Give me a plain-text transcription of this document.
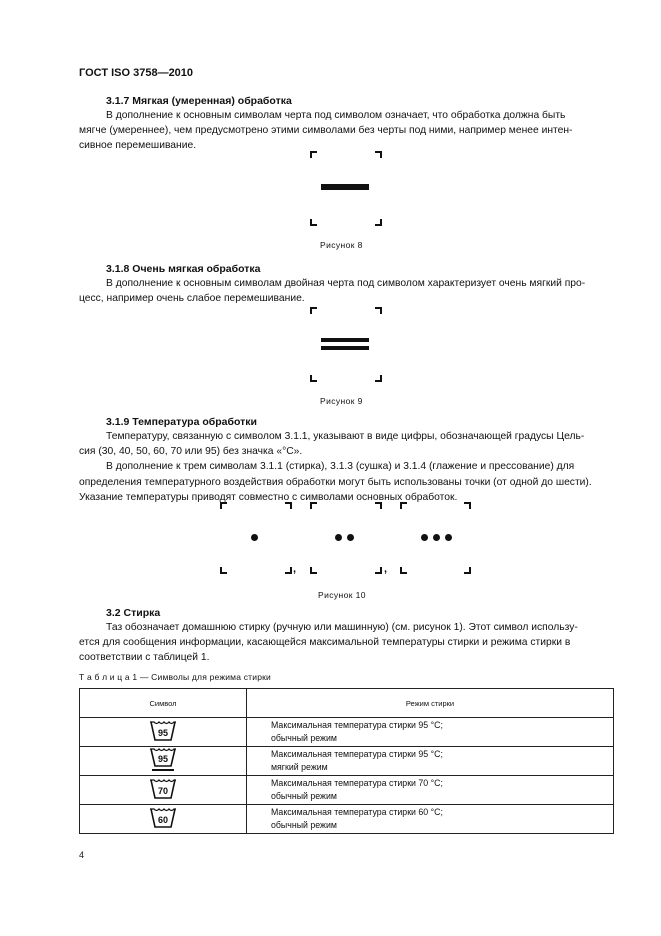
ГОСТ ISO 3758—2010
3.1.7 Мягкая (умеренная) обработка

В дополнение к основным символам черта под символом означает, что обработка должна быть

мягче (умереннее), чем предусмотрено этими символами без черты под ними, например менее интен-

сивное перемешивание.

Рисунок 8
3.1.8 Очень мягкая обработка

В дополнение к основным символам двойная черта под символом характеризует очень мягкий про-

цесс, например очень слабое перемешивание.

Рисунок 9
3.1.9 Температура обработки

Температуру, связанную с символом 3.1.1, указывают в виде цифры, обозначающей градусы Цель-

сия (30, 40, 50, 60, 70 или 95) без значка «°С».

В дополнение к трем символам 3.1.1 (стирка), 3.1.3 (сушка) и 3.1.4 (глажение и прессование) для

определения температурного воздействия обработки могут быть использованы точки (от одной до шести).

Указание температуры приводят совместно с символами основных обработок.

,	,
Рисунок 10
3.2 Стирка

Таз обозначает домашнюю стирку (ручную или машинную) (см. рисунок 1). Этот символ использу-

ется для сообщения информации, касающейся максимальной температуры стирки и режима стирки в

соответствии с таблицей 1.

Т а б л и ц а 1 — Символы для режима стирки
Символ	Режим стирки

95	Максимальная температура стирки 95 °С;
обычный режим

95	Максимальная температура стирки 95 °С;
мягкий режим

70	Максимальная температура стирки 70 °С;
обычный режим

60	Максимальная температура стирки 60 °С;
обычный режим
4
